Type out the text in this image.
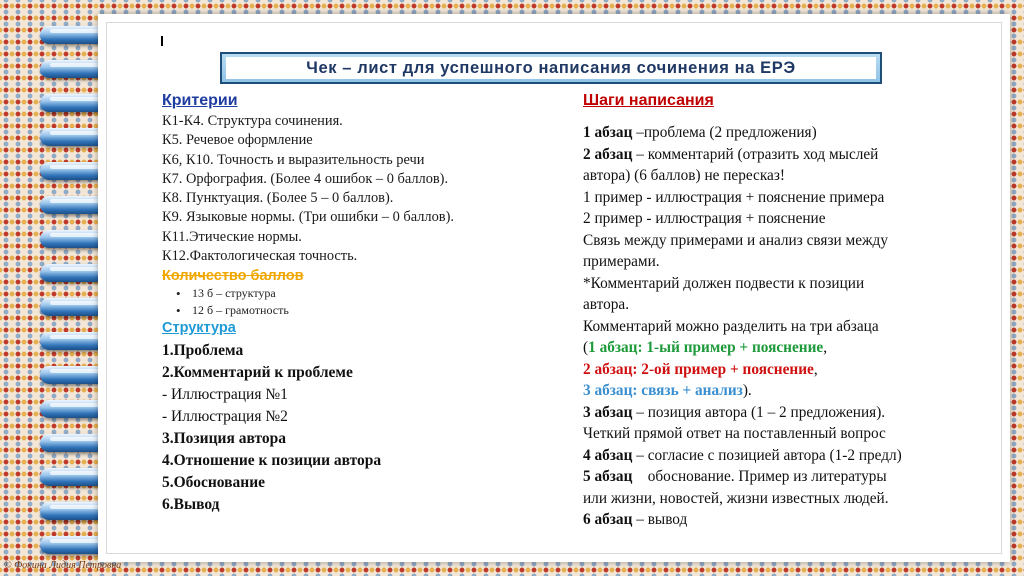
Чек – лист для успешного написания сочинения на ЕРЭ
Критерии
К1-К4. Структура сочинения.
К5. Речевое оформление
К6, К10. Точность и выразительность речи
К7. Орфография. (Более 4 ошибок – 0 баллов).
К8. Пунктуация. (Более 5 – 0 баллов).
К9. Языковые нормы. (Три ошибки – 0 баллов).
К11.Этические нормы.
К12.Фактологическая точность.
Количество баллов
• 13 б – структура
• 12 б – грамотность
Структура
1.Проблема
2.Комментарий к проблеме
- Иллюстрация №1
- Иллюстрация №2
3.Позиция автора
4.Отношение к позиции автора
5.Обоснование
6.Вывод
Шаги написания
1 абзац –проблема (2 предложения)
2 абзац – комментарий (отразить ход мыслей
автора) (6 баллов) не пересказ!
1 пример - иллюстрация + пояснение примера
2 пример - иллюстрация + пояснение
Связь между примерами и анализ связи между
примерами.
*Комментарий должен подвести к позиции
автора.
Комментарий можно разделить на три абзаца
(1 абзац: 1-ый пример + пояснение,
2 абзац: 2-ой пример + пояснение,
3 абзац: связь + анализ).
3 абзац – позиция автора (1 – 2 предложения).
Четкий прямой ответ на поставленный вопрос
4 абзац – согласие с позицией автора (1-2 предл)
5 абзац    обоснование. Пример из литературы
или жизни, новостей, жизни известных людей.
6 абзац – вывод
© Фокина Лидия Петровна
